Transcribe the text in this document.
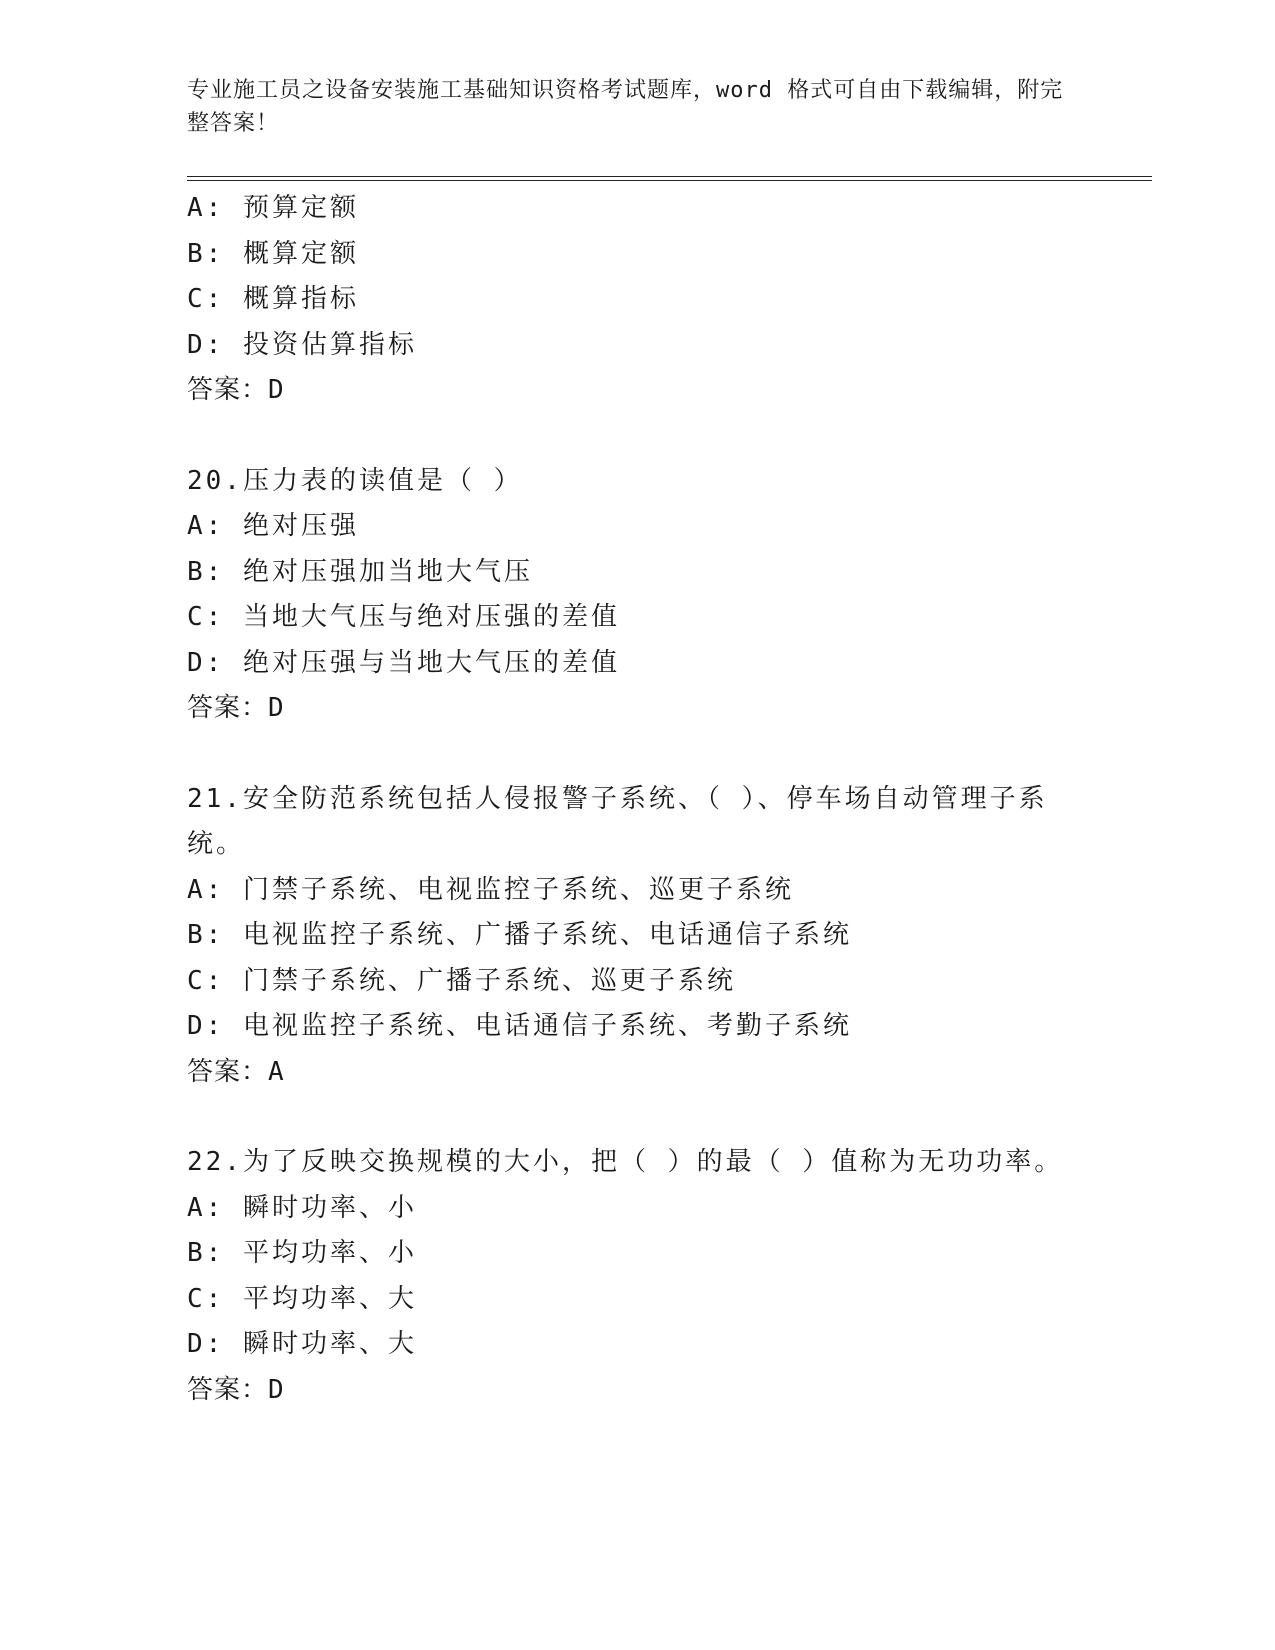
专业施工员之设备安装施工基础知识资格考试题库，word 格式可自由下载编辑，附完整答案！
A: 预算定额
B: 概算定额
C: 概算指标
D: 投资估算指标
答案：D
20.压力表的读值是（ ）
A: 绝对压强
B: 绝对压强加当地大气压
C: 当地大气压与绝对压强的差值
D: 绝对压强与当地大气压的差值
答案：D
21.安全防范系统包括人侵报警子系统、（ ）、停车场自动管理子系
统。
A: 门禁子系统、电视监控子系统、巡更子系统
B: 电视监控子系统、广播子系统、电话通信子系统
C: 门禁子系统、广播子系统、巡更子系统
D: 电视监控子系统、电话通信子系统、考勤子系统
答案：A
22.为了反映交换规模的大小，把（ ）的最（ ）值称为无功功率。
A: 瞬时功率、小
B: 平均功率、小
C: 平均功率、大
D: 瞬时功率、大
答案：D
